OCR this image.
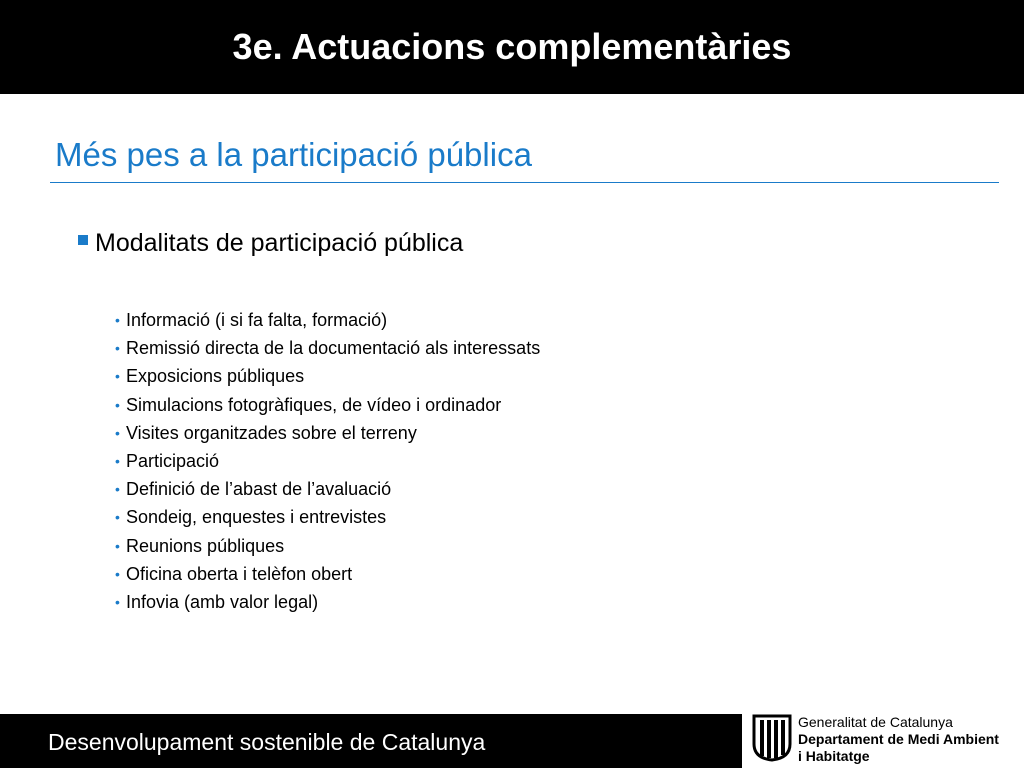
3e. Actuacions complementàries
Més pes a la participació pública
Modalitats de participació pública
• Informació (i si fa falta, formació)
• Remissió directa de la documentació als interessats
• Exposicions públiques
• Simulacions fotogràfiques, de vídeo i ordinador
• Visites organitzades sobre el terreny
• Participació
• Definició de l’abast de l’avaluació
• Sondeig, enquestes i entrevistes
• Reunions públiques
• Oficina oberta i telèfon obert
• Infovia (amb valor legal)
Desenvolupament sostenible de Catalunya
Generalitat de Catalunya
Departament de Medi Ambient
i Habitatge
